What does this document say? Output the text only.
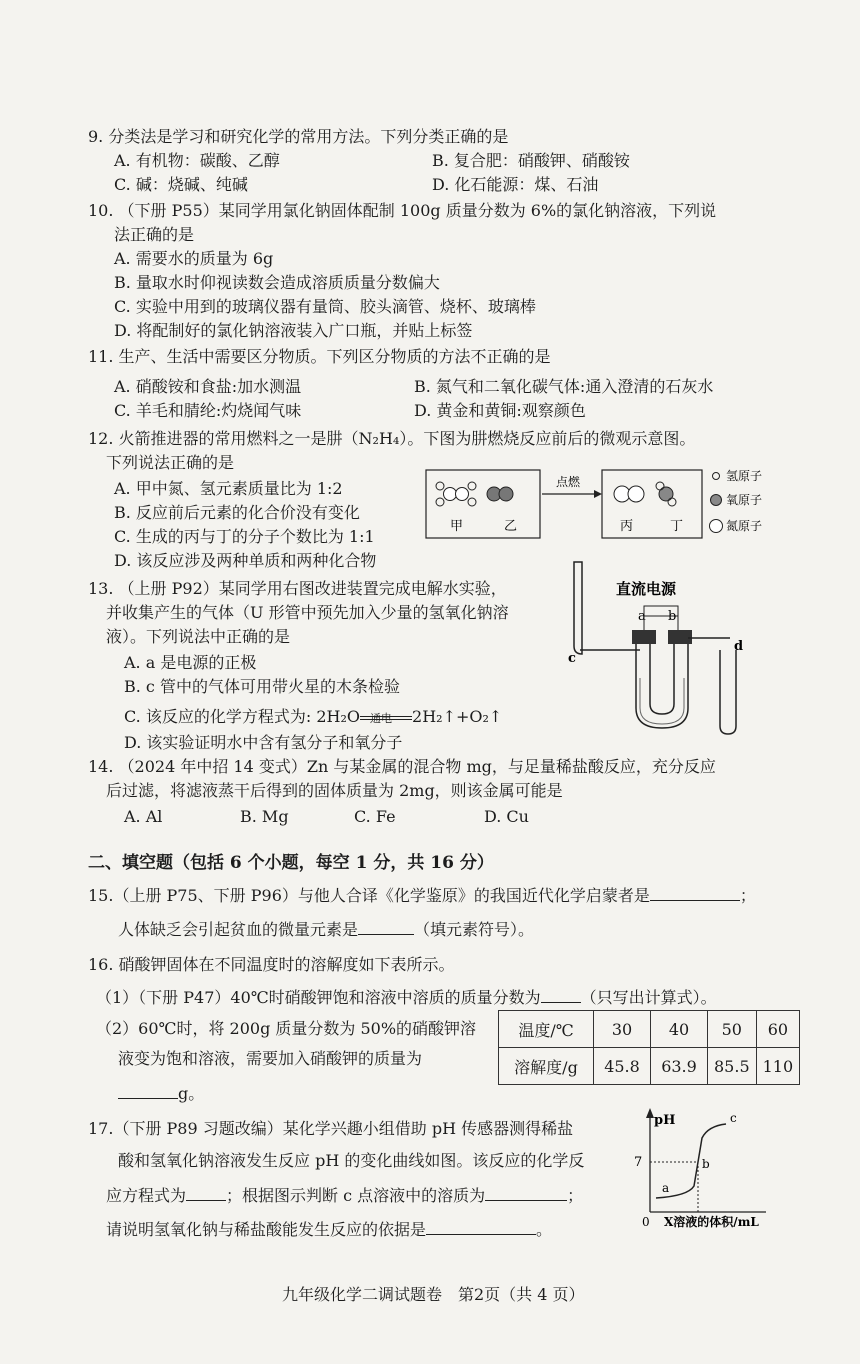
9. 分类法是学习和研究化学的常用方法。下列分类正确的是
A. 有机物：碳酸、乙醇	B. 复合肥：硝酸钾、硝酸铵
C. 碱：烧碱、纯碱	D. 化石能源：煤、石油
10. （下册 P55）某同学用氯化钠固体配制 100g 质量分数为 6%的氯化钠溶液，下列说
法正确的是
A. 需要水的质量为 6g
B. 量取水时仰视读数会造成溶质质量分数偏大
C. 实验中用到的玻璃仪器有量筒、胶头滴管、烧杯、玻璃棒
D. 将配制好的氯化钠溶液装入广口瓶，并贴上标签
11. 生产、生活中需要区分物质。下列区分物质的方法不正确的是
A. 硝酸铵和食盐:加水测温	B. 氮气和二氧化碳气体:通入澄清的石灰水
C. 羊毛和腈纶:灼烧闻气味	D. 黄金和黄铜:观察颜色
12. 火箭推进器的常用燃料之一是肼（N₂H₄）。下图为肼燃烧反应前后的微观示意图。
下列说法正确的是
A. 甲中氮、氢元素质量比为 1:2
B. 反应前后元素的化合价没有变化
C. 生成的丙与丁的分子个数比为 1:1
D. 该反应涉及两种单质和两种化合物
甲	乙
点燃
丙	丁
氢原子
氧原子
氮原子
13. （上册 P92）某同学用右图改进装置完成电解水实验，
并收集产生的气体（U 形管中预先加入少量的氢氧化钠溶
液）。下列说法中正确的是
A. a 是电源的正极
B. c 管中的气体可用带火星的木条检验
C. 该反应的化学方程式为: 2H₂O 通电 2H₂↑+O₂↑
D. 该实验证明水中含有氢分子和氧分子
直流电源
a b
c
d
14. （2024 年中招 14 变式）Zn 与某金属的混合物 mg，与足量稀盐酸反应，充分反应
后过滤，将滤液蒸干后得到的固体质量为 2mg，则该金属可能是
A. Al	B. Mg	C. Fe	D. Cu
二、填空题（包括 6 个小题，每空 1 分，共 16 分）
15.（上册 P75、下册 P96）与他人合译《化学鉴原》的我国近代化学启蒙者是	；
人体缺乏会引起贫血的微量元素是	（填元素符号）。
16. 硝酸钾固体在不同温度时的溶解度如下表所示。
（1）（下册 P47）40℃时硝酸钾饱和溶液中溶质的质量分数为	（只写出计算式）。
（2）60℃时，将 200g 质量分数为 50%的硝酸钾溶
液变为饱和溶液，需要加入硝酸钾的质量为
g。
温度/℃	30	40	50	60
溶解度/g	45.8	63.9	85.5	110
17.（下册 P89 习题改编）某化学兴趣小组借助 pH 传感器测得稀盐
酸和氢氧化钠溶液发生反应 pH 的变化曲线如图。该反应的化学反
应方程式为	；根据图示判断 c 点溶液中的溶质为	；
请说明氢氧化钠与稀盐酸能发生反应的依据是	。
pH
7
a
b
c
0 X溶液的体积/mL
九年级化学二调试题卷　第2页（共 4 页）
